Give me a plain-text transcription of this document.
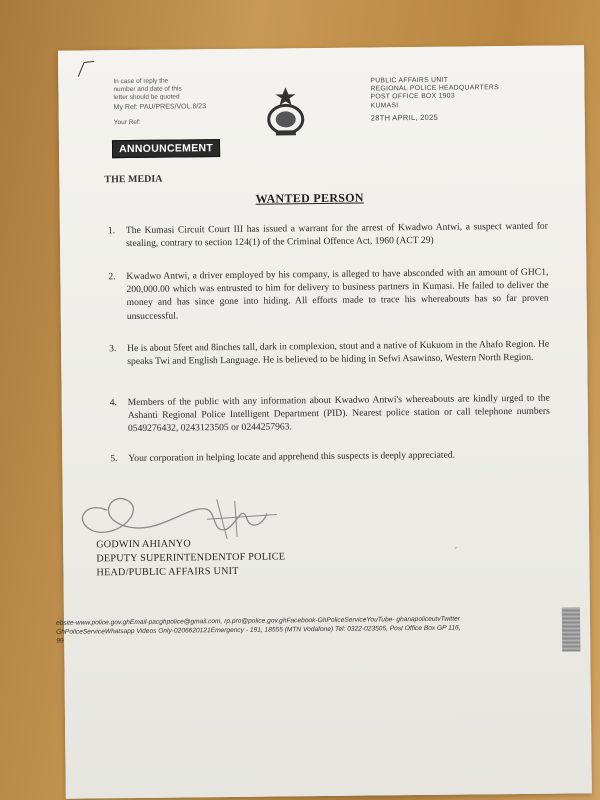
In case of reply the
number and date of this
letter should be quoted
My Ref: PAU/PRES/VOL.8/23
Your Ref:
PUBLIC AFFAIRS UNIT
REGIONAL POLICE HEADQUARTERS
POST OFFICE BOX 1903
KUMASI
28TH APRIL, 2025
ANNOUNCEMENT
THE MEDIA
WANTED PERSON
1. The Kumasi Circuit Court III has issued a warrant for the arrest of Kwadwo Antwi, a suspect wanted for stealing, contrary to section 124(1) of the Criminal Offence Act, 1960 (ACT 29)
2. Kwadwo Antwi, a driver employed by his company, is alleged to have absconded with an amount of GHC1, 200,000.00 which was entrusted to him for delivery to business partners in Kumasi. He failed to deliver the money and has since gone into hiding. All efforts made to trace his whereabouts has so far proven unsuccessful.
3. He is about 5feet and 8inches tall, dark in complexion, stout and a native of Kukuom in the Ahafo Region. He speaks Twi and English Language. He is believed to be hiding in Sefwi Asawinso, Western North Region.
4. Members of the public with any information about Kwadwo Antwi's whereabouts are kindly urged to the Ashanti Regional Police Intelligent Department (PID). Nearest police station or call telephone numbers 0549276432, 0243123505 or 0244257963.
5. Your corporation in helping locate and apprehend this suspects is deeply appreciated.
GODWIN AHIANYO
DEPUTY SUPERINTENDENTOF POLICE
HEAD/PUBLIC AFFAIRS UNIT
⌄
ebsite-www.police.gov.ghEmail-pacghpolice@gmail.com, rp.pro@police.gov.ghFacebook-GhPoliceServiceYouTube- ghanapoliceutvTwitter
GhPoliceServiceWhatsapp Videos Only-0206620121Emergency - 191, 18555 (MTN Vodafone) Tel: 0322-023505, Post Office Box GP 116,
99
